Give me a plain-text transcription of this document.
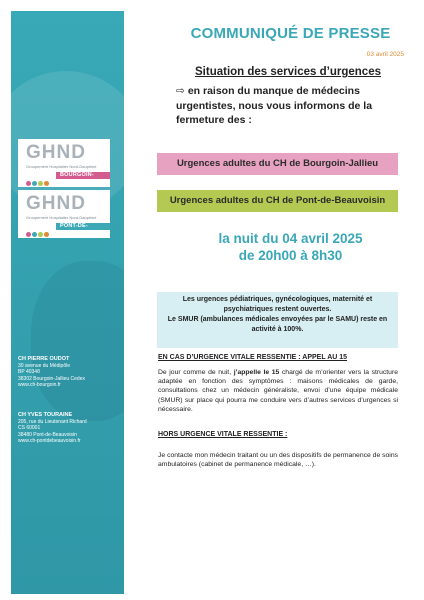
GHND
Groupement Hospitalier Nord-Dauphiné
BOURGOIN-JALLIEU
GHND
Groupement Hospitalier Nord-Dauphiné
PONT-DE-BEAUVOISIN
CH PIERRE OUDOT
30 avenue du Médipôle
BP 40348
38302 Bourgoin-Jallieu Cedex
www.ch-bourgoin.fr
CH YVES TOURAINE
205, rue du Lieutenant Richard
CS 60001
38480 Pont-de-Beauvoisin
www.ch-pontdebeauvoisin.fr
COMMUNIQUÉ DE PRESSE
03 avril 2025
Situation des services d’urgences
⇨ en raison du manque de médecins urgentistes, nous vous informons de la fermeture des :
Urgences adultes du CH de Bourgoin-Jallieu
Urgences adultes du CH de Pont-de-Beauvoisin
la nuit du 04 avril 2025
de 20h00 à 8h30
Les urgences pédiatriques, gynécologiques, maternité et
psychiatriques restent ouvertes.
Le SMUR (ambulances médicales envoyées par le SAMU) reste en
activité à 100%.
EN CAS D’URGENCE VITALE RESSENTIE : APPEL AU 15
De jour comme de nuit, j’appelle le 15 chargé de m’orienter vers la structure adaptée en fonction des symptômes : maisons médicales de garde, consultations chez un médecin généraliste, envoi d’une équipe médicale (SMUR) sur place qui pourra me conduire vers d’autres services d’urgences si nécessaire.
HORS URGENCE VITALE RESSENTIE :
Je contacte mon médecin traitant ou un des dispositifs de permanence de soins ambulatoires (cabinet de permanence médicale, …).
